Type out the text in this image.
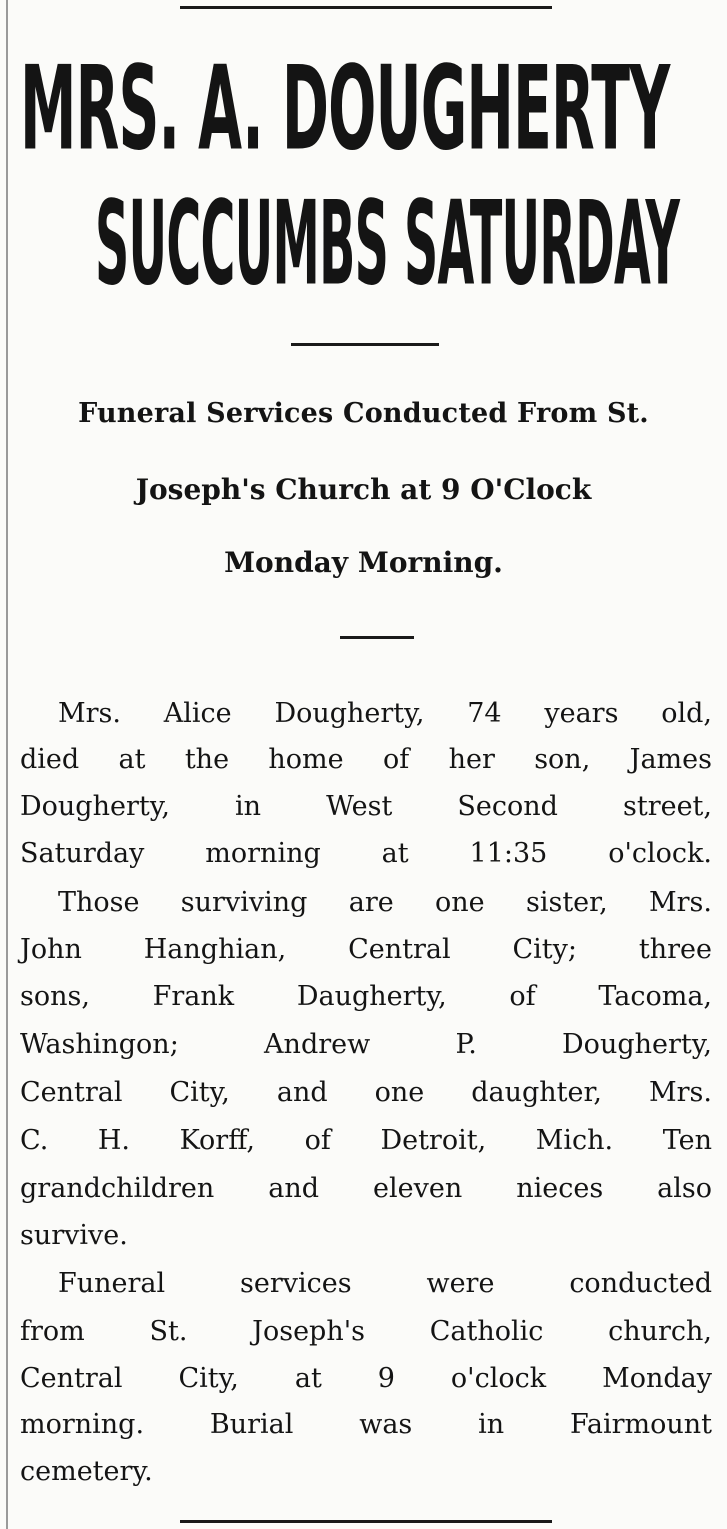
MRS. A. DOUGHERTY
SUCCUMBS SATURDAY

Funeral Services Conducted From St.

Joseph's Church at 9 O'Clock

Monday Morning.

Mrs. Alice Dougherty, 74 years old,

died at the home of her son, James

Dougherty, in West Second street,

Saturday morning at 11:35 o'clock.

Those surviving are one sister, Mrs.

John Hanghian, Central City; three

sons, Frank Daugherty, of Tacoma,

Washingon; Andrew P. Dougherty,

Central City, and one daughter, Mrs.

C. H. Korff, of Detroit, Mich. Ten

grandchildren and eleven nieces also

survive.

Funeral services were conducted

from St. Joseph's Catholic church,

Central City, at 9 o'clock Monday

morning. Burial was in Fairmount

cemetery.
